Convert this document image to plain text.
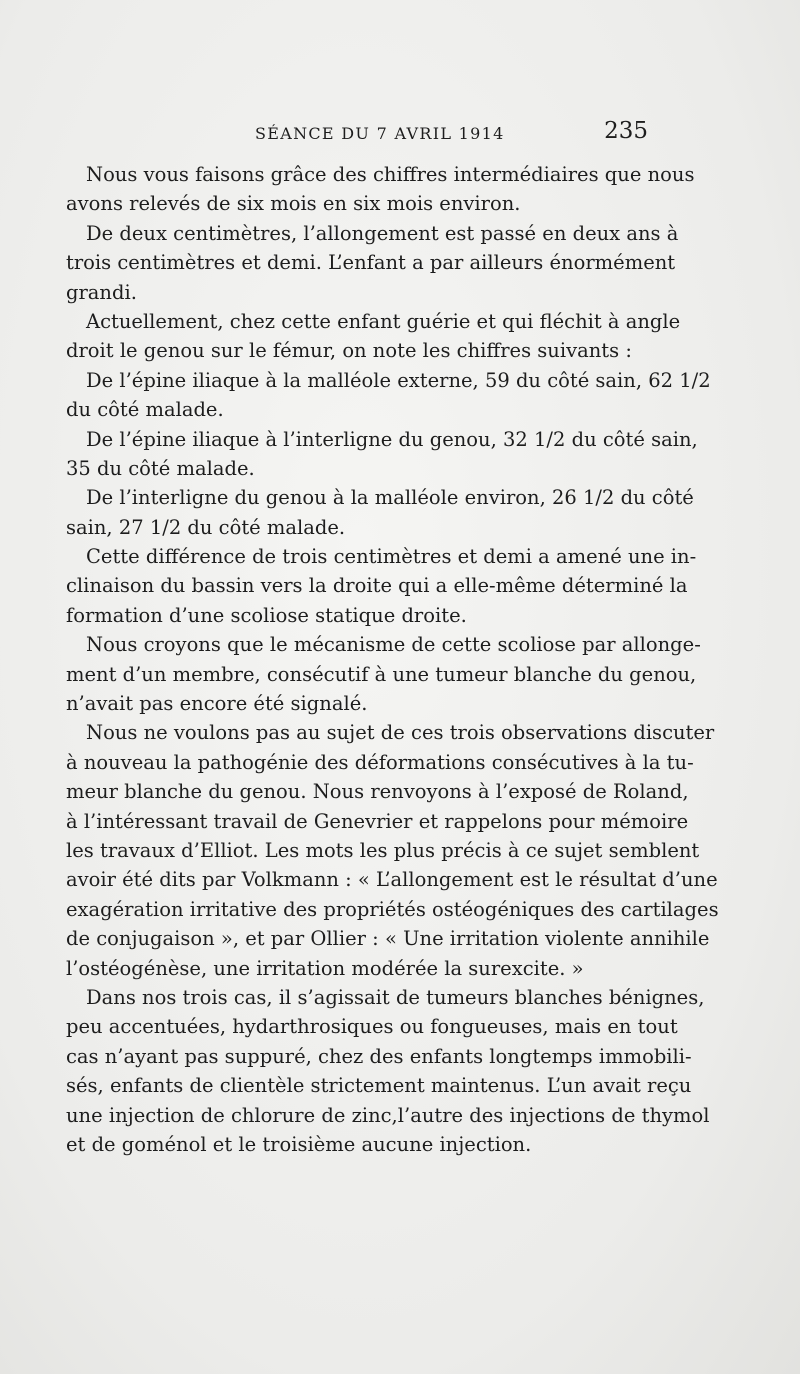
SÉANCE DU 7 AVRIL 1914	235
Nous vous faisons grâce des chiffres intermédiaires que nous
avons relevés de six mois en six mois environ.
De deux centimètres, l’allongement est passé en deux ans à
trois centimètres et demi. L’enfant a par ailleurs énormément
grandi.
Actuellement, chez cette enfant guérie et qui fléchit à angle
droit le genou sur le fémur, on note les chiffres suivants :
De l’épine iliaque à la malléole externe, 59 du côté sain, 62 1/2
du côté malade.
De l’épine iliaque à l’interligne du genou, 32 1/2 du côté sain,
35 du côté malade.
De l’interligne du genou à la malléole environ, 26 1/2 du côté
sain, 27 1/2 du côté malade.
Cette différence de trois centimètres et demi a amené une in-
clinaison du bassin vers la droite qui a elle-même déterminé la
formation d’une scoliose statique droite.
Nous croyons que le mécanisme de cette scoliose par allonge-
ment d’un membre, consécutif à une tumeur blanche du genou,
n’avait pas encore été signalé.
Nous ne voulons pas au sujet de ces trois observations discuter
à nouveau la pathogénie des déformations consécutives à la tu-
meur blanche du genou. Nous renvoyons à l’exposé de Roland,
à l’intéressant travail de Genevrier et rappelons pour mémoire
les travaux d’Elliot. Les mots les plus précis à ce sujet semblent
avoir été dits par Volkmann : « L’allongement est le résultat d’une
exagération irritative des propriétés ostéogéniques des cartilages
de conjugaison », et par Ollier : « Une irritation violente annihile
l’ostéogénèse, une irritation modérée la surexcite. »
Dans nos trois cas, il s’agissait de tumeurs blanches bénignes,
peu accentuées, hydarthrosiques ou fongueuses, mais en tout
cas n’ayant pas suppuré, chez des enfants longtemps immobili-
sés, enfants de clientèle strictement maintenus. L’un avait reçu
une injection de chlorure de zinc,l’autre des injections de thymol
et de goménol et le troisième aucune injection.
